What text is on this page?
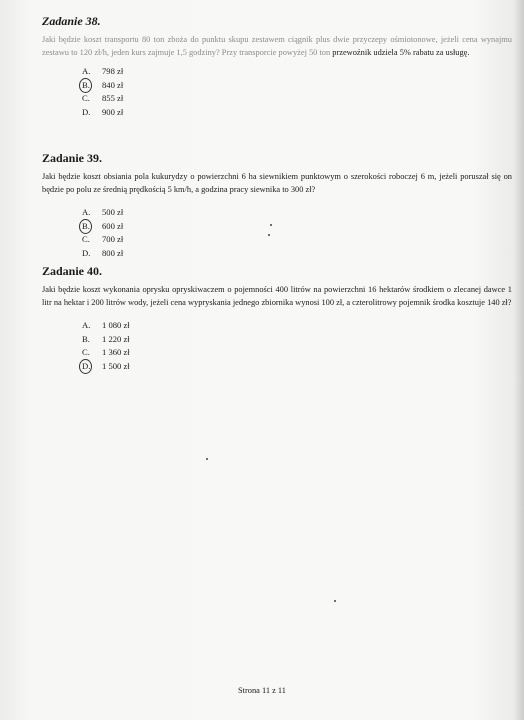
Zadanie 38.

Jaki będzie koszt transportu 80 ton zboża do punktu skupu zestawem ciągnik plus dwie przyczepy ośmiotonowe, jeżeli cena wynajmu zestawu to 120 zł/h, jeden kurs zajmuje 1,5 godziny? Przy transporcie powyżej 50 ton przewoźnik udziela 5% rabatu za usługę.

A.	798 zł
B.	840 zł
C.	855 zł
D.	900 zł
Zadanie 39.

Jaki będzie koszt obsiania pola kukurydzy o powierzchni 6 ha siewnikiem punktowym o szerokości roboczej 6 m, jeżeli poruszał się on będzie po polu ze średnią prędkością 5 km/h, a godzina pracy siewnika to 300 zł?

A.	500 zł
B.	600 zł
C.	700 zł
D.	800 zł
Zadanie 40.

Jaki będzie koszt wykonania oprysku opryskiwaczem o pojemności 400 litrów na powierzchni 16 hektarów środkiem o zlecanej dawce 1 litr na hektar i 200 litrów wody, jeżeli cena wypryskania jednego zbiornika wynosi 100 zł, a czterolitrowy pojemnik środka kosztuje 140 zł?

A.	1 080 zł
B.	1 220 zł
C.	1 360 zł
D.	1 500 zł
Strona 11 z 11
